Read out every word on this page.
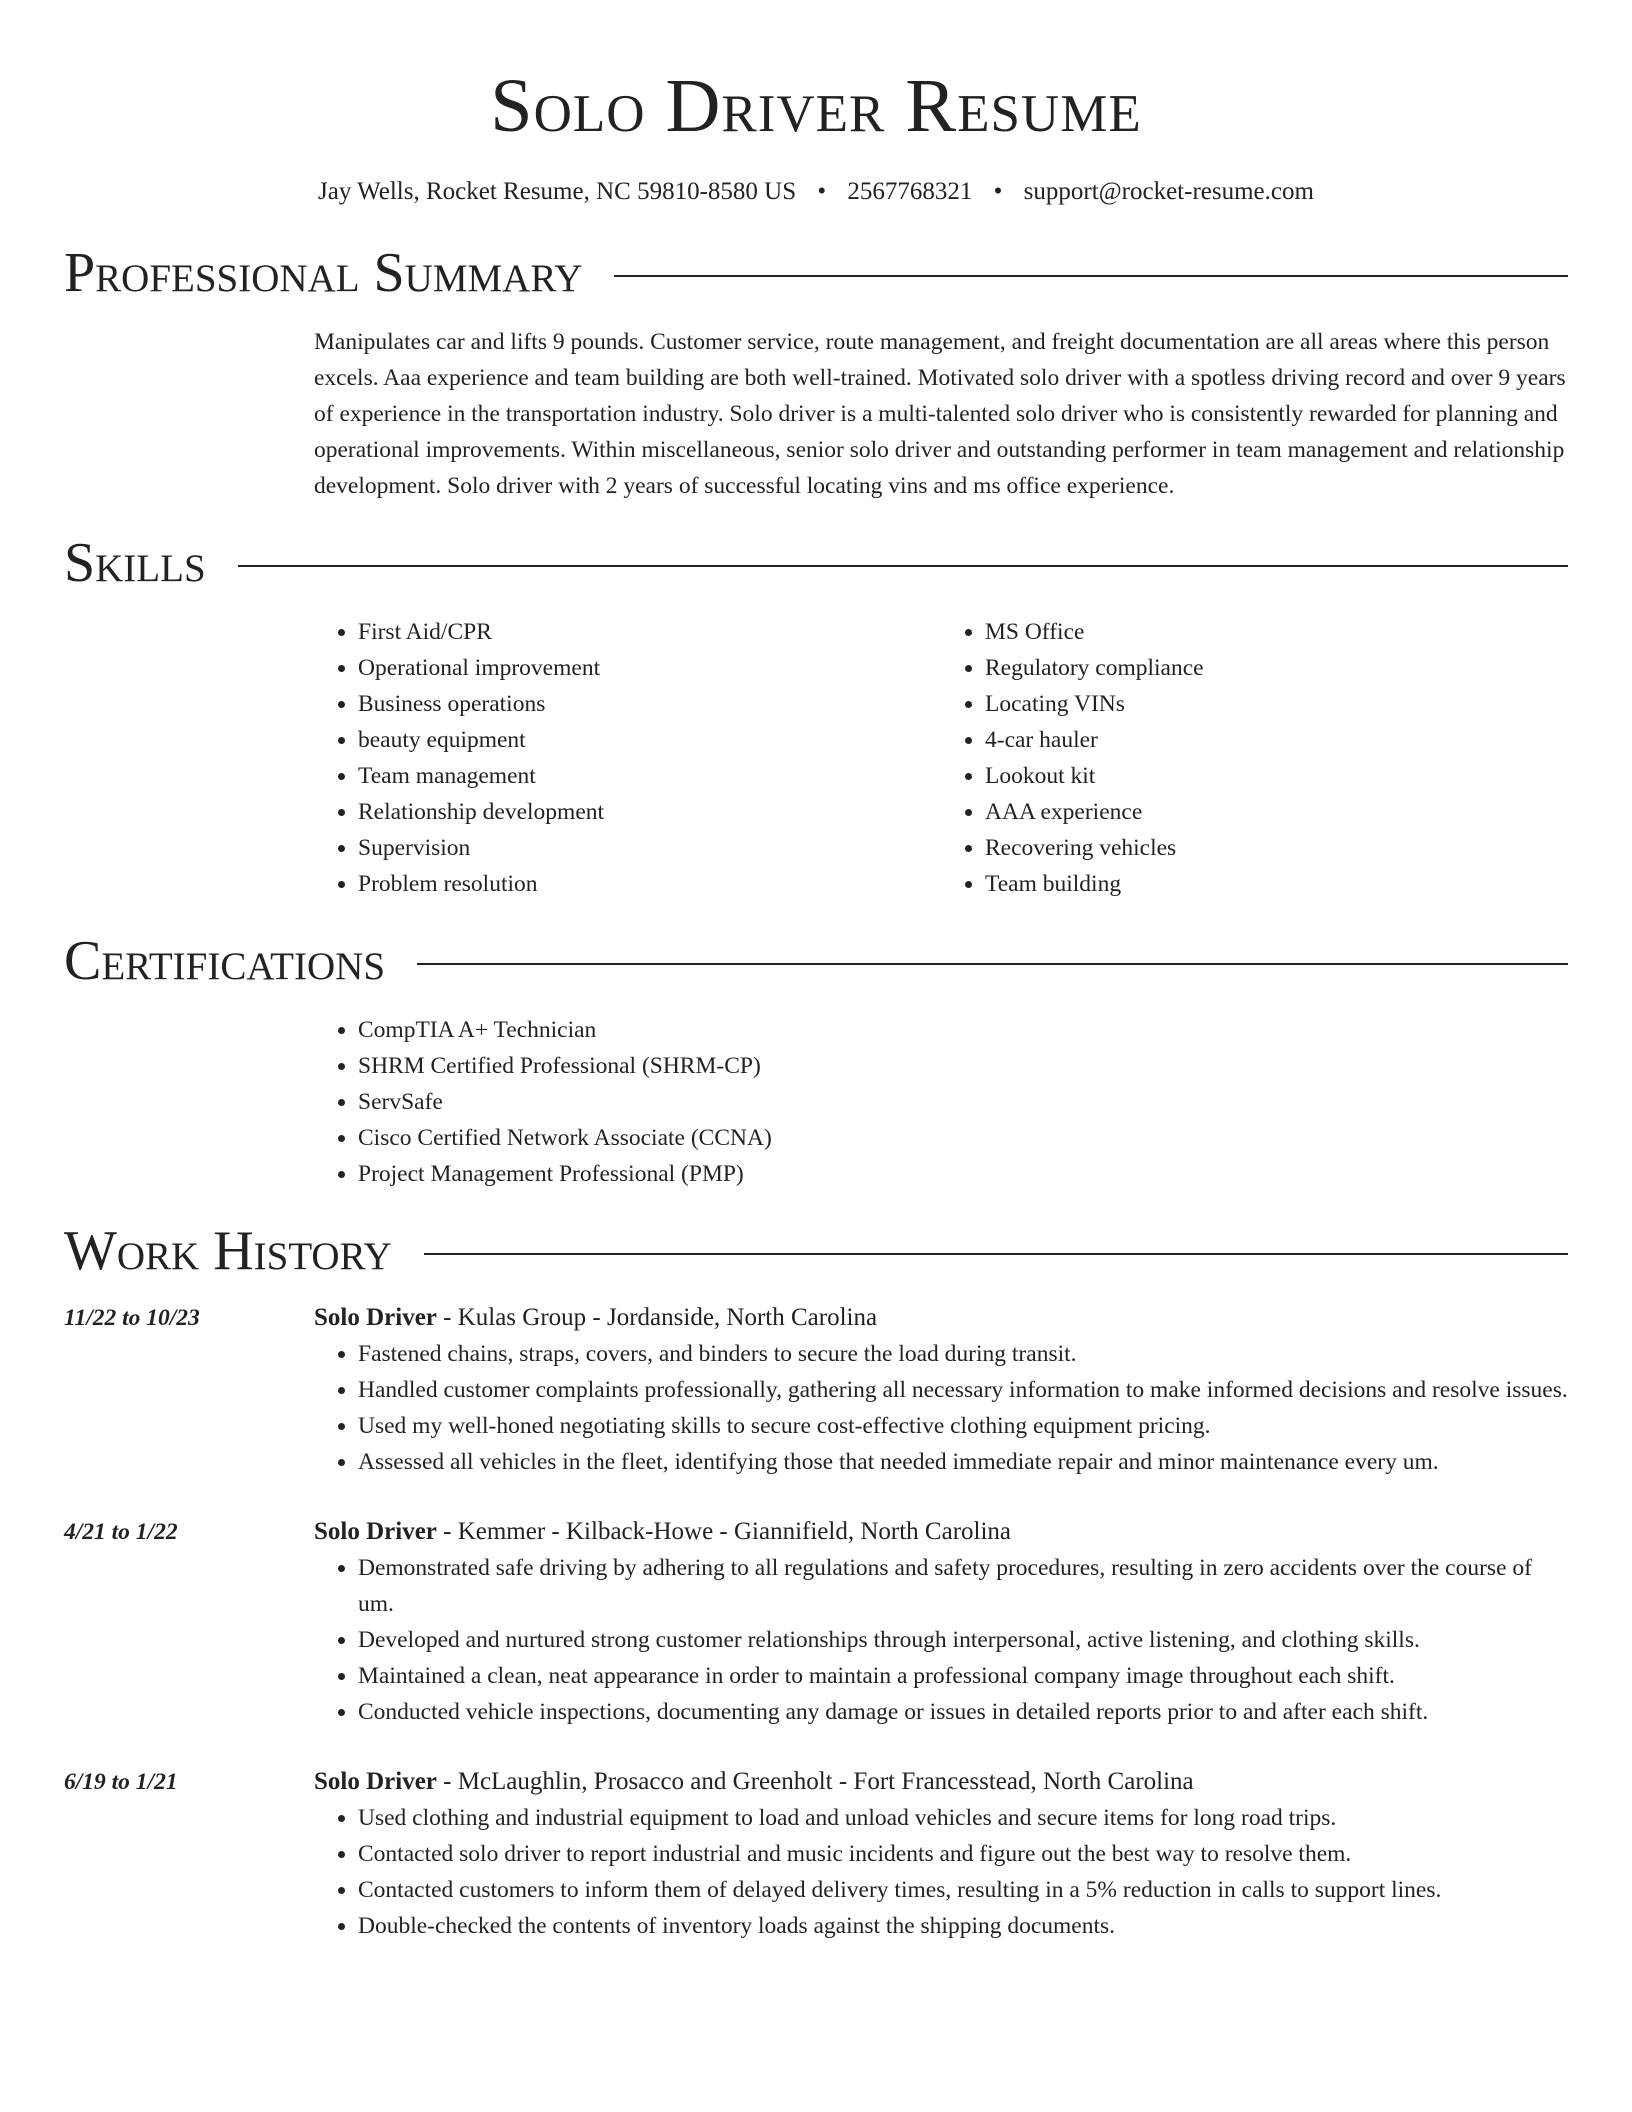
Solo Driver Resume
Jay Wells, Rocket Resume, NC 59810-8580 US • 2567768321 • support@rocket-resume.com
Professional Summary
Manipulates car and lifts 9 pounds. Customer service, route management, and freight documentation are all areas where this person excels. Aaa experience and team building are both well-trained. Motivated solo driver with a spotless driving record and over 9 years of experience in the transportation industry. Solo driver is a multi-talented solo driver who is consistently rewarded for planning and operational improvements. Within miscellaneous, senior solo driver and outstanding performer in team management and relationship development. Solo driver with 2 years of successful locating vins and ms office experience.
Skills
• First Aid/CPR
• Operational improvement
• Business operations
• beauty equipment
• Team management
• Relationship development
• Supervision
• Problem resolution
• MS Office
• Regulatory compliance
• Locating VINs
• 4-car hauler
• Lookout kit
• AAA experience
• Recovering vehicles
• Team building
Certifications
• CompTIA A+ Technician
• SHRM Certified Professional (SHRM-CP)
• ServSafe
• Cisco Certified Network Associate (CCNA)
• Project Management Professional (PMP)
Work History
11/22 to 10/23	Solo Driver - Kulas Group - Jordanside, North Carolina
• Fastened chains, straps, covers, and binders to secure the load during transit.
• Handled customer complaints professionally, gathering all necessary information to make informed decisions and resolve issues.
• Used my well-honed negotiating skills to secure cost-effective clothing equipment pricing.
• Assessed all vehicles in the fleet, identifying those that needed immediate repair and minor maintenance every um.
4/21 to 1/22	Solo Driver - Kemmer - Kilback-Howe - Giannifield, North Carolina
• Demonstrated safe driving by adhering to all regulations and safety procedures, resulting in zero accidents over the course of um.
• Developed and nurtured strong customer relationships through interpersonal, active listening, and clothing skills.
• Maintained a clean, neat appearance in order to maintain a professional company image throughout each shift.
• Conducted vehicle inspections, documenting any damage or issues in detailed reports prior to and after each shift.
6/19 to 1/21	Solo Driver - McLaughlin, Prosacco and Greenholt - Fort Francesstead, North Carolina
• Used clothing and industrial equipment to load and unload vehicles and secure items for long road trips.
• Contacted solo driver to report industrial and music incidents and figure out the best way to resolve them.
• Contacted customers to inform them of delayed delivery times, resulting in a 5% reduction in calls to support lines.
• Double-checked the contents of inventory loads against the shipping documents.
